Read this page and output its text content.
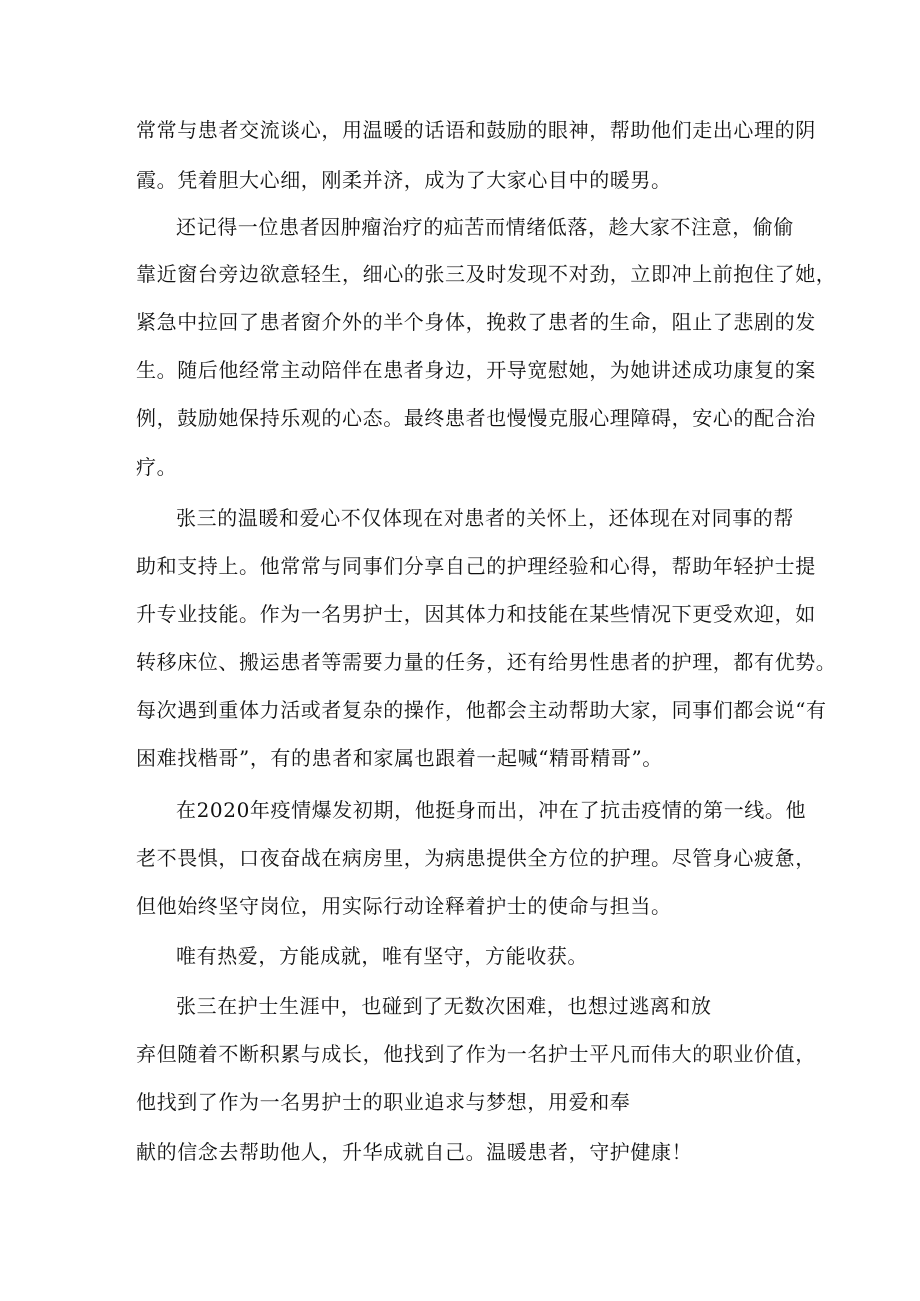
常常与患者交流谈心，用温暖的话语和鼓励的眼神，帮助他们走出心理的阴
霞。凭着胆大心细，刚柔并济，成为了大家心目中的暖男。
还记得一位患者因肿瘤治疗的疝苦而情绪低落，趁大家不注意，偷偷
靠近窗台旁边欲意轻生，细心的张三及时发现不对劲，立即冲上前抱住了她，
紧急中拉回了患者窗介外的半个身体，挽救了患者的生命，阻止了悲剧的发
生。随后他经常主动陪伴在患者身边，开导宽慰她，为她讲述成功康复的案
例，鼓励她保持乐观的心态。最终患者也慢慢克服心理障碍，安心的配合治
疗。
张三的温暖和爱心不仅体现在对患者的关怀上，还体现在对同事的帮
助和支持上。他常常与同事们分享自己的护理经验和心得，帮助年轻护士提
升专业技能。作为一名男护士，因其体力和技能在某些情况下更受欢迎，如
转移床位、搬运患者等需要力量的任务，还有给男性患者的护理，都有优势。
每次遇到重体力活或者复杂的操作，他都会主动帮助大家，同事们都会说“有
困难找楷哥”，有的患者和家属也跟着一起喊“精哥精哥”。
在2020年疫情爆发初期，他挺身而出，冲在了抗击疫情的第一线。他
老不畏惧，口夜奋战在病房里，为病患提供全方位的护理。尽管身心疲惫，
但他始终坚守岗位，用实际行动诠释着护士的使命与担当。
唯有热爱，方能成就，唯有坚守，方能收获。
张三在护士生涯中，也碰到了无数次困难，也想过逃离和放
弃但随着不断积累与成长，他找到了作为一名护士平凡而伟大的职业价值，
他找到了作为一名男护士的职业追求与梦想，用爱和奉
献的信念去帮助他人，升华成就自己。温暖患者，守护健康！
